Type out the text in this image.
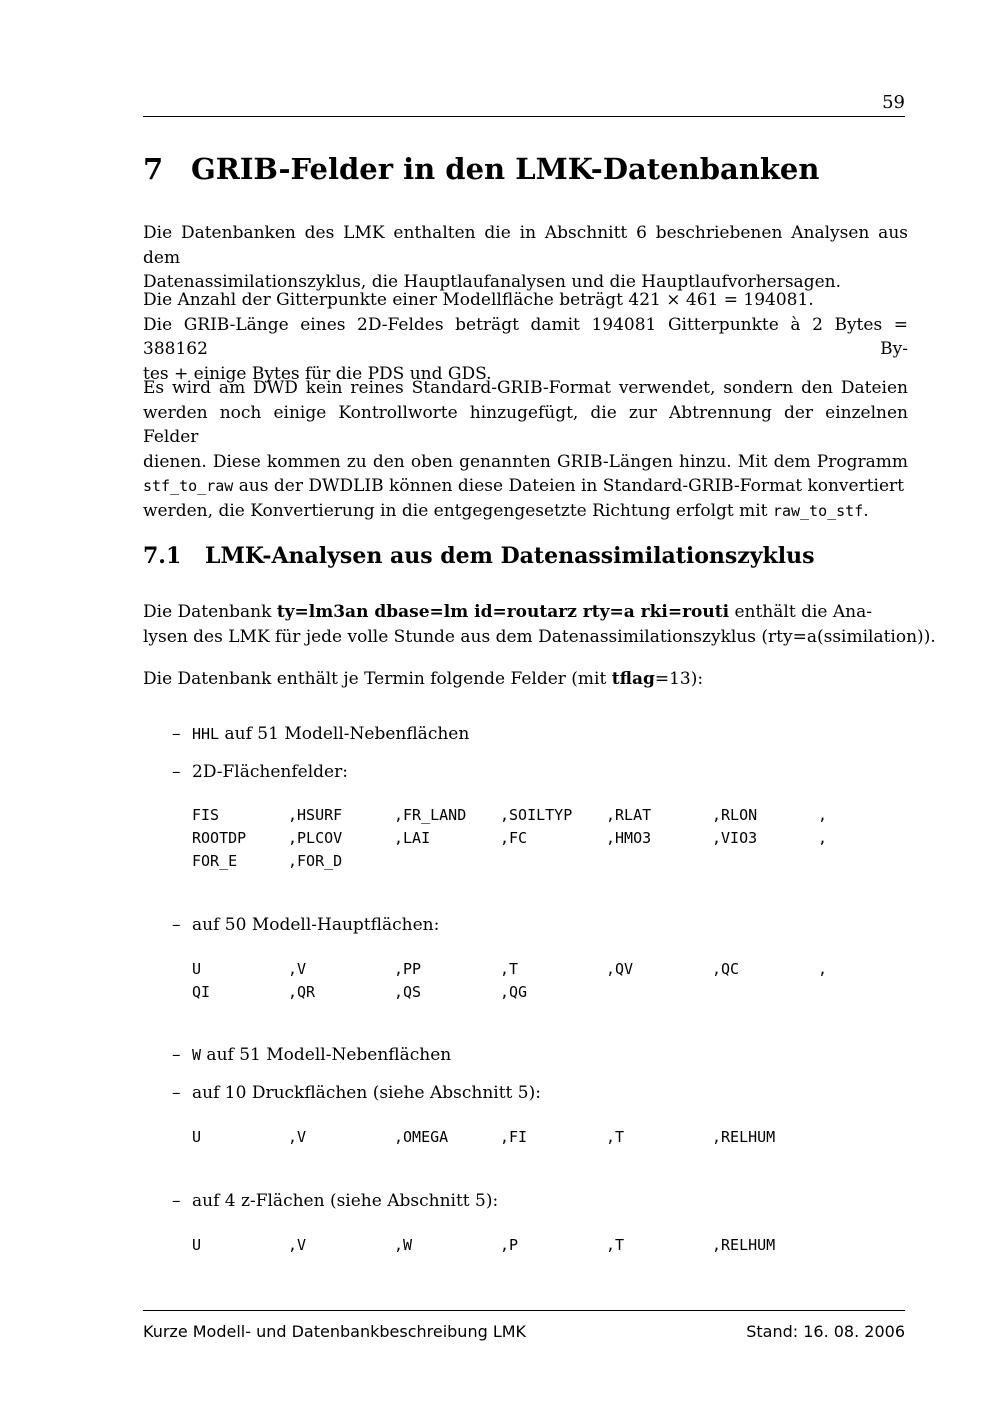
59
7 GRIB-Felder in den LMK-Datenbanken
Die Datenbanken des LMK enthalten die in Abschnitt 6 beschriebenen Analysen aus dem
Datenassimilationszyklus, die Hauptlaufanalysen und die Hauptlaufvorhersagen.
Die Anzahl der Gitterpunkte einer Modellfläche beträgt 421 × 461 = 194081.
Die GRIB-Länge eines 2D-Feldes beträgt damit 194081 Gitterpunkte à 2 Bytes = 388162 By-
tes + einige Bytes für die PDS und GDS.
Es wird am DWD kein reines Standard-GRIB-Format verwendet, sondern den Dateien
werden noch einige Kontrollworte hinzugefügt, die zur Abtrennung der einzelnen Felder
dienen. Diese kommen zu den oben genannten GRIB-Längen hinzu. Mit dem Programm
stf_to_raw aus der DWDLIB können diese Dateien in Standard-GRIB-Format konvertiert
werden, die Konvertierung in die entgegengesetzte Richtung erfolgt mit raw_to_stf.
7.1 LMK-Analysen aus dem Datenassimilationszyklus
Die Datenbank ty=lm3an dbase=lm id=routarz rty=a rki=routi enthält die Ana-
lysen des LMK für jede volle Stunde aus dem Datenassimilationszyklus (rty=a(ssimilation)).
Die Datenbank enthält je Termin folgende Felder (mit tflag=13):
– HHL auf 51 Modell-Nebenflächen
– 2D-Flächenfelder:
FIS	,HSURF	,FR_LAND ,SOILTYP ,RLAT	,RLON	,
ROOTDP	,PLCOV	,LAI	,FC	,HMO3	,VIO3	,
FOR_E	,FOR_D
– auf 50 Modell-Hauptflächen:
U	,V	,PP	,T	,QV	,QC	,
QI	,QR	,QS	,QG
– W auf 51 Modell-Nebenflächen
– auf 10 Druckflächen (siehe Abschnitt 5):
U	,V	,OMEGA	,FI	,T	,RELHUM
– auf 4 z-Flächen (siehe Abschnitt 5):
U	,V	,W	,P	,T	,RELHUM
Kurze Modell- und Datenbankbeschreibung LMK	Stand: 16. 08. 2006
